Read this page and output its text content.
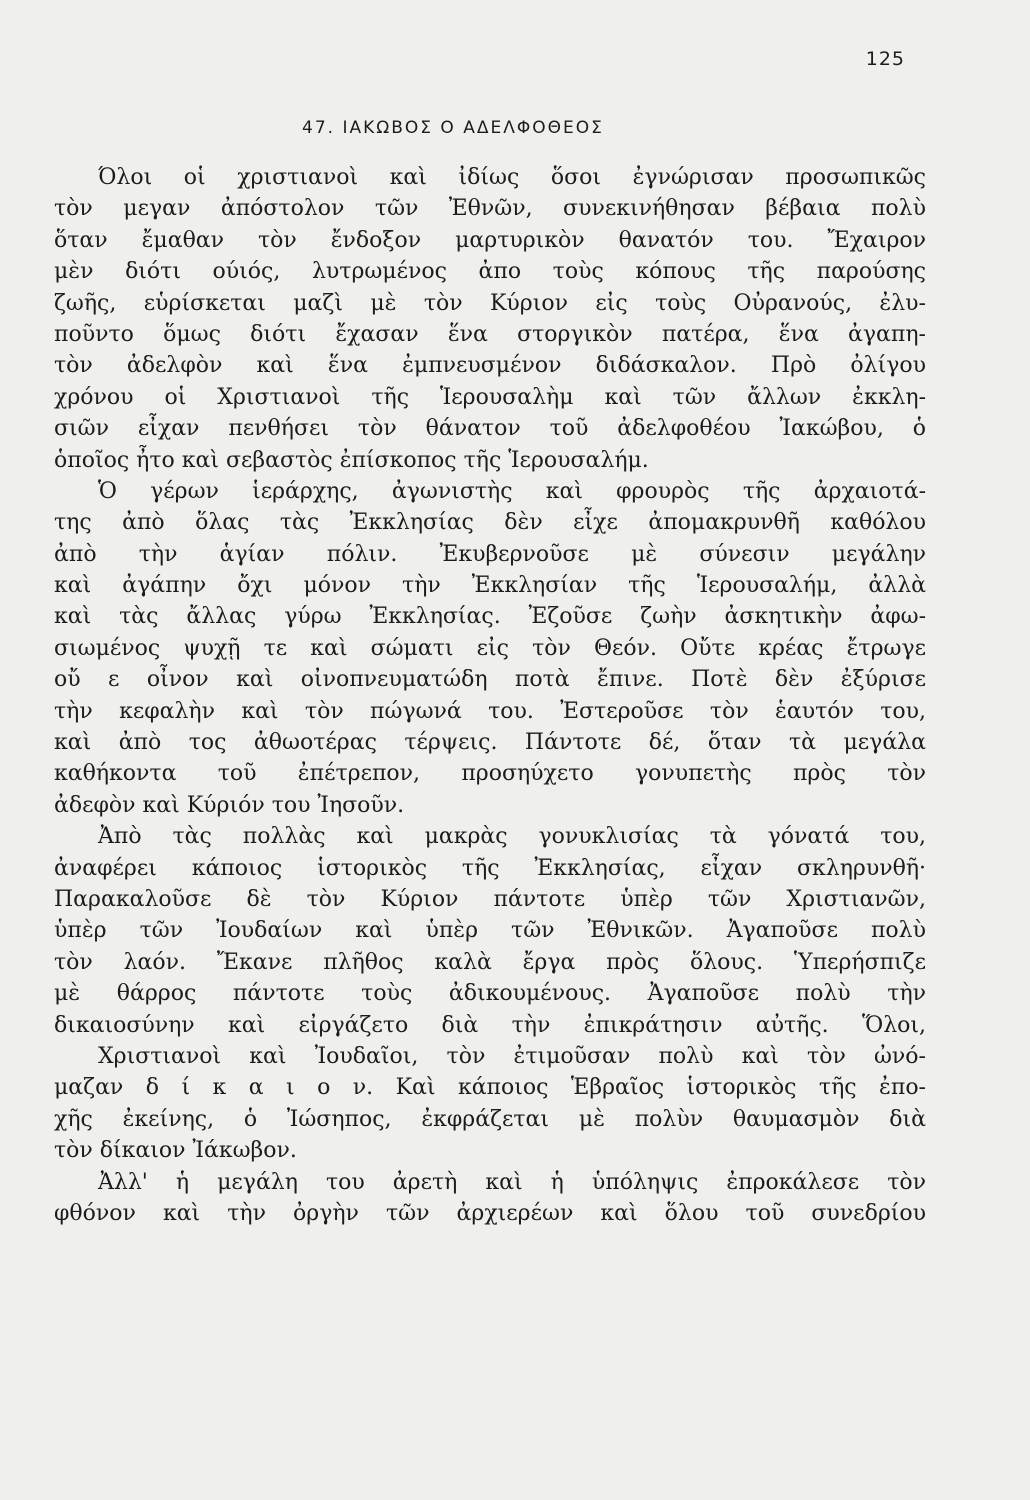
125
47. ΙΑΚΩΒΟΣ Ο ΑΔΕΛΦΟΘΕΟΣ
Όλοι οἱ χριστιανοὶ καὶ ἰδίως ὅσοι ἐγνώρισαν προσωπικῶς
τὸν μεγαν ἀπόστολον τῶν Ἐθνῶν, συνεκινήθησαν βέβαια πολὺ
ὅταν ἔμαθαν τὸν ἔνδοξον μαρτυρικὸν θανατόν του. Ἔχαιρον
μὲν διότι ούιός, λυτρωμένος ἀπο τοὺς κόπους τῆς παρούσης
ζωῆς, εὑρίσκεται μαζὶ μὲ τὸν Κύριον εἰς τοὺς Οὐρανούς, ἐλυ-
ποῦντο ὅμως διότι ἔχασαν ἕνα στοργικὸν πατέρα, ἕνα ἀγαπη-
τὸν ἀδελφὸν καὶ ἕνα ἐμπνευσμένον διδάσκαλον. Πρὸ ὀλίγου
χρόνου οἱ Χριστιανοὶ τῆς Ἱερουσαλὴμ καὶ τῶν ἄλλων ἐκκλη-
σιῶν εἶχαν πενθήσει τὸν θάνατον τοῦ ἀδελφοθέου Ἰακώβου, ὁ
ὁποῖος ἦτο καὶ σεβαστὸς ἐπίσκοπος τῆς Ἱερουσαλήμ.
Ὁ γέρων ἱεράρχης, ἀγωνιστὴς καὶ φρουρὸς τῆς ἀρχαιοτά-
της ἀπὸ ὅλας τὰς Ἐκκλησίας δὲν εἶχε ἀπομακρυνθῆ καθόλου
ἀπὸ τὴν ἁγίαν πόλιν. Ἐκυβερνοῦσε μὲ σύνεσιν μεγάλην
καὶ ἀγάπην ὄχι μόνον τὴν Ἐκκλησίαν τῆς Ἱερουσαλήμ, ἀλλὰ
καὶ τὰς ἄλλας γύρω Ἐκκλησίας. Ἐζοῦσε ζωὴν ἀσκητικὴν ἀφω-
σιωμένος ψυχῇ τε καὶ σώματι εἰς τὸν Θεόν. Οὔτε κρέας ἔτρωγε
οὔ ε οἶνον καὶ οἰνοπνευματώδη ποτὰ ἔπινε. Ποτὲ δὲν ἐξύρισε
τὴν κεφαλὴν καὶ τὸν πώγωνά του. Ἐστεροῦσε τὸν ἑαυτόν του,
καὶ ἀπὸ τος ἀθωοτέρας τέρψεις. Πάντοτε δέ, ὅταν τὰ μεγάλα
καθήκοντα τοῦ ἐπέτρεπον, προσηύχετο γονυπετὴς πρὸς τὸν
ἀδεφὸν καὶ Κύριόν του Ἰησοῦν.
Ἀπὸ τὰς πολλὰς καὶ μακρὰς γονυκλισίας τὰ γόνατά του,
ἀναφέρει κάποιος ἱστορικὸς τῆς Ἐκκλησίας, εἶχαν σκληρυνθῆ·
Παρακαλοῦσε δὲ τὸν Κύριον πάντοτε ὑπὲρ τῶν Χριστιανῶν,
ὑπὲρ τῶν Ἰουδαίων καὶ ὑπὲρ τῶν Ἐθνικῶν. Ἀγαποῦσε πολὺ
τὸν λαόν. Ἔκανε πλῆθος καλὰ ἔργα πρὸς ὅλους. Ὑπερήσπιζε
μὲ θάρρος πάντοτε τοὺς ἀδικουμένους. Ἀγαποῦσε πολὺ τὴν
δικαιοσύνην καὶ εἰργάζετο διὰ τὴν ἐπικράτησιν αὐτῆς. Ὅλοι,
Χριστιανοὶ καὶ Ἰουδαῖοι, τὸν ἐτιμοῦσαν πολὺ καὶ τὸν ὠνό-
μαζαν δ ί κ α ι ο ν. Καὶ κάποιος Ἑβραῖος ἱστορικὸς τῆς ἐπο-
χῆς ἐκείνης, ὁ Ἰώσηπος, ἐκφράζεται μὲ πολὺν θαυμασμὸν διὰ
τὸν δίκαιον Ἰάκωβον.
Ἀλλ' ἡ μεγάλη του ἀρετὴ καὶ ἡ ὑπόληψις ἐπροκάλεσε τὸν
φθόνον καὶ τὴν ὀργὴν τῶν ἀρχιερέων καὶ ὅλου τοῦ συνεδρίου
